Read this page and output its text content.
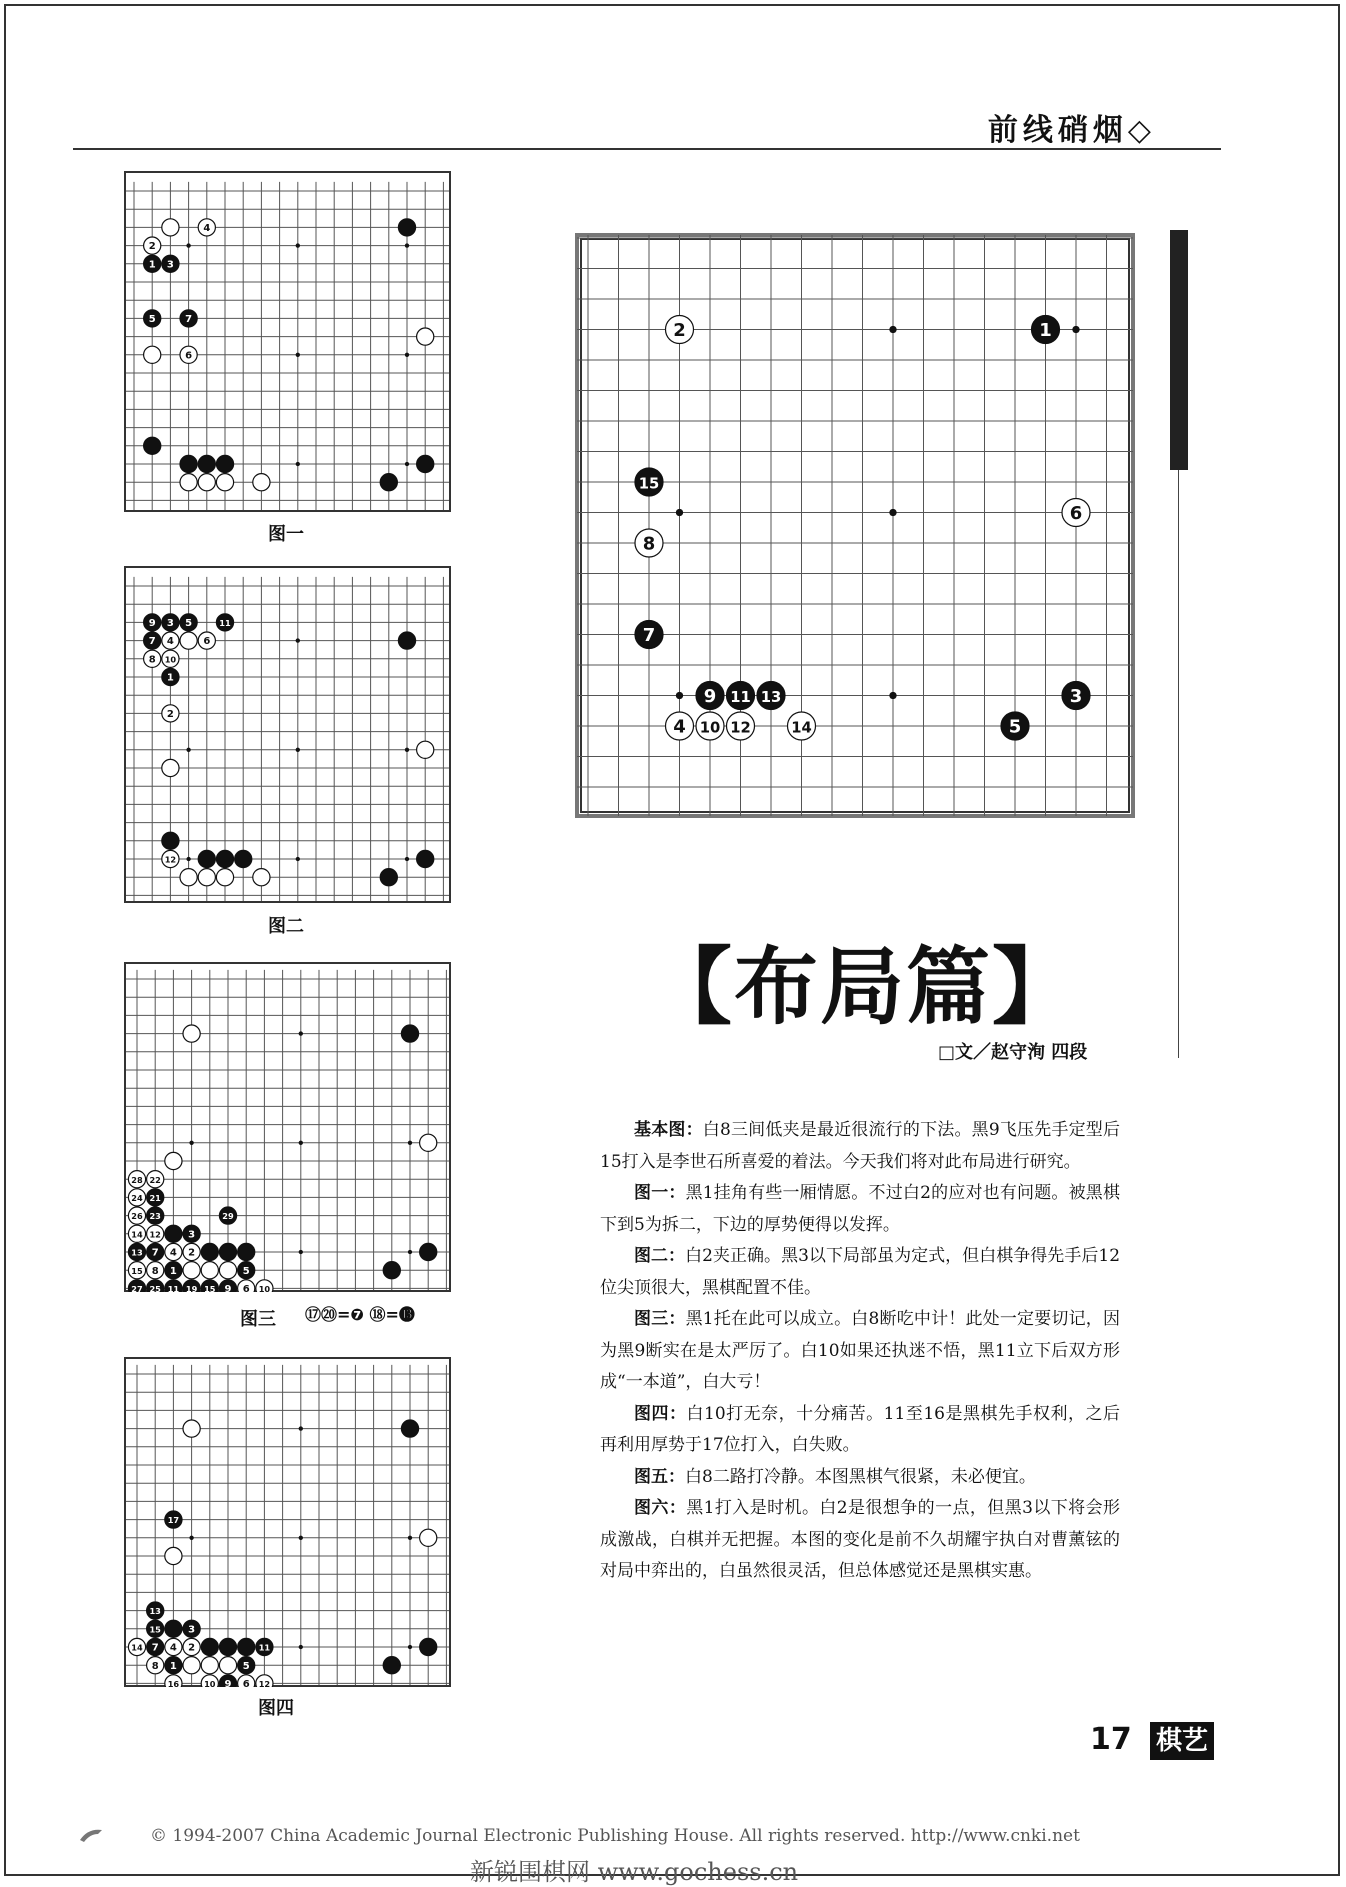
前线硝烟◇
2	1
15
6
8
7
9 11 13
4 10 12	14
3
5
4
2
1 3
5	7
6
图一
9 3 5	11
7 4	6
8 10
1
2
12
图二
28 22
24 21
26 23	29
14 12	3
13 7 4 2
15 8 1	5
27 25 11 19 15 9 6 10
图三 ⑰⑳=❼ ⑱=⓭
17
13
15	3
14 7 4 2	11
8 1	5
16	10 9 6 12
图四
【布局篇】
□文／赵守洵 四段

基本图：白8三间低夹是最近很流行的下法。黑9飞压先手定型后15打入是李世石所喜爱的着法。今天我们将对此布局进行研究。

图一：黑1挂角有些一厢情愿。不过白2的应对也有问题。被黑棋下到5为拆二，下边的厚势便得以发挥。

图二：白2夹正确。黑3以下局部虽为定式，但白棋争得先手后12位尖顶很大，黑棋配置不佳。

图三：黑1托在此可以成立。白8断吃中计！此处一定要切记，因为黑9断实在是太严厉了。白10如果还执迷不悟，黑11立下后双方形成“一本道”，白大亏！

图四：白10打无奈，十分痛苦。11至16是黑棋先手权利，之后再利用厚势于17位打入，白失败。

图五：白8二路打冷静。本图黑棋气很紧，未必便宜。

图六：黑1打入是时机。白2是很想争的一点，但黑3以下将会形成激战，白棋并无把握。本图的变化是前不久胡耀宇执白对曹薰铉的对局中弈出的，白虽然很灵活，但总体感觉还是黑棋实惠。

17 棋艺
© 1994-2007 China Academic Journal Electronic Publishing House. All rights reserved. http://www.cnki.net
新锐围棋网 www.gochess.cn
